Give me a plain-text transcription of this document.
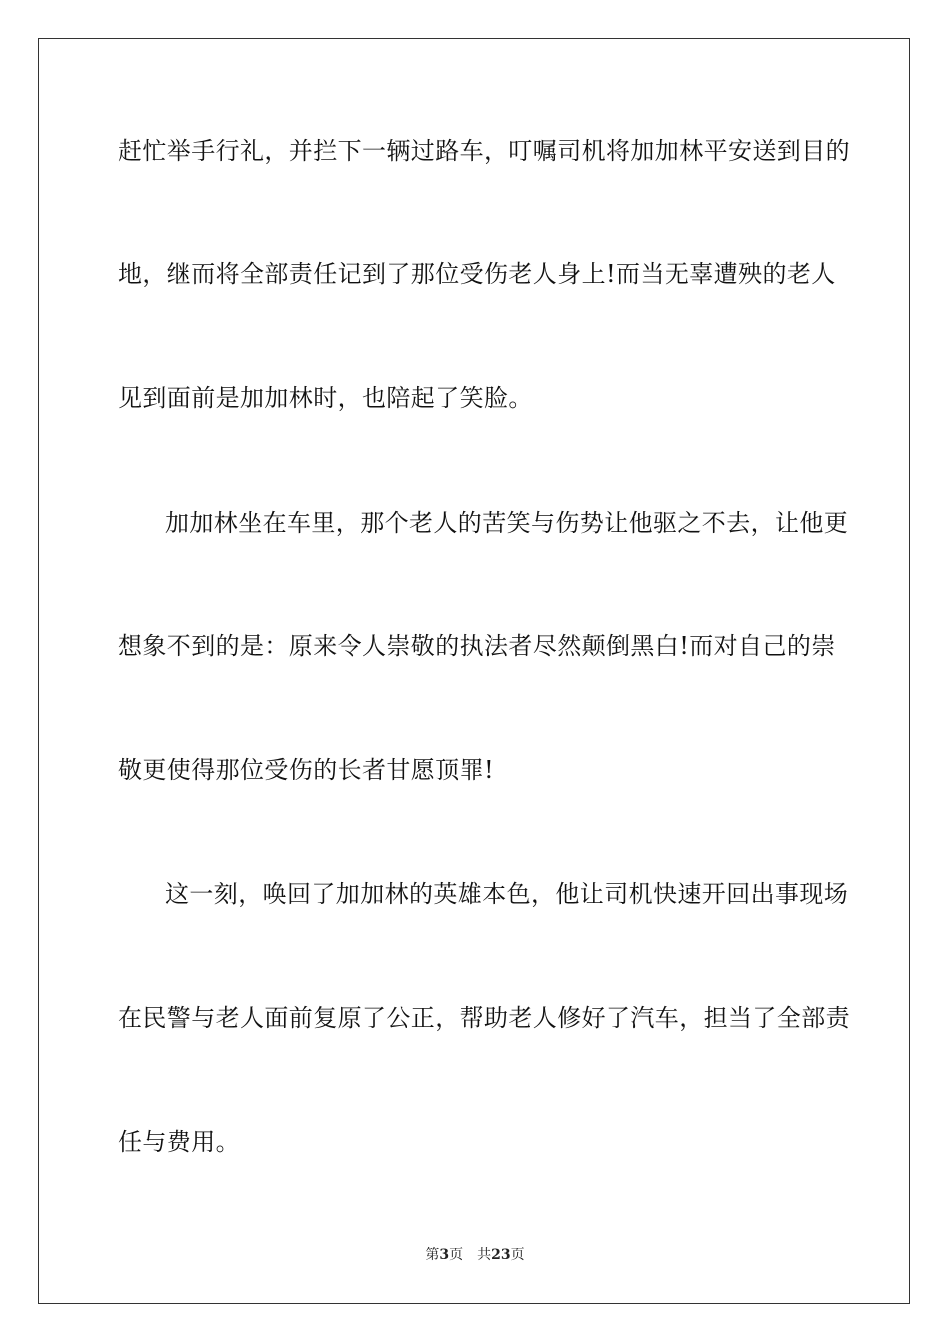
赶忙举手行礼，并拦下一辆过路车，叮嘱司机将加加林平安送到目的
地，继而将全部责任记到了那位受伤老人身上!而当无辜遭殃的老人
见到面前是加加林时，也陪起了笑脸。
加加林坐在车里，那个老人的苦笑与伤势让他驱之不去，让他更
想象不到的是：原来令人崇敬的执法者尽然颠倒黑白!而对自己的崇
敬更使得那位受伤的长者甘愿顶罪!
这一刻，唤回了加加林的英雄本色，他让司机快速开回出事现场
在民警与老人面前复原了公正，帮助老人修好了汽车，担当了全部责
任与费用。
第3页 共23页
